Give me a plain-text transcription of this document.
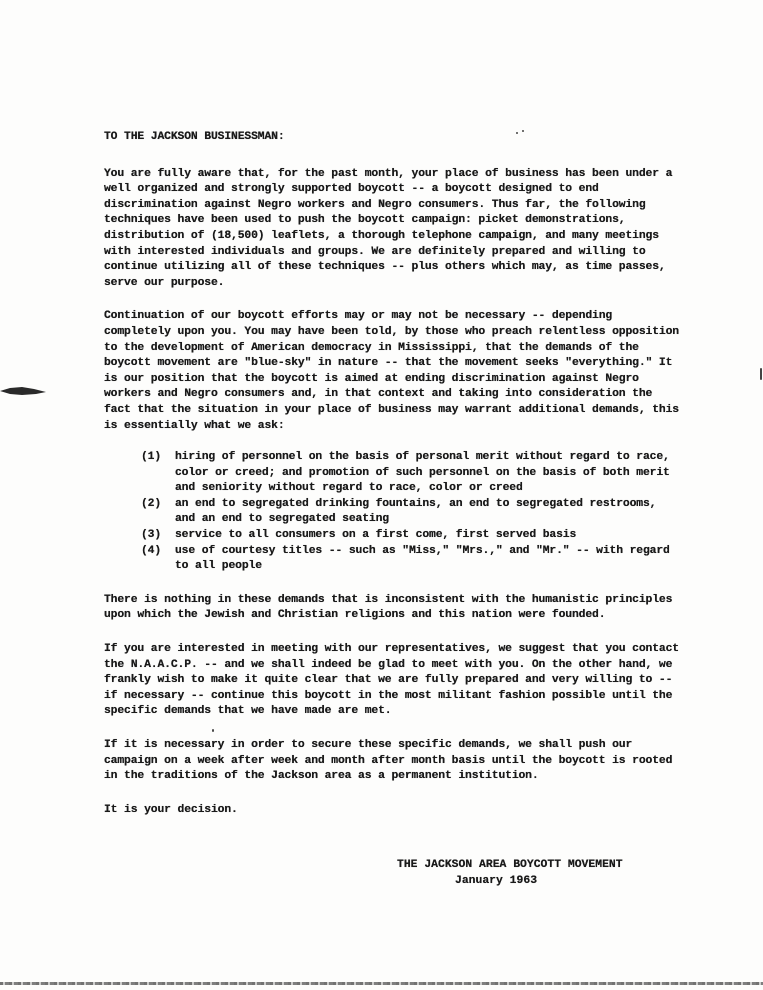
TO THE JACKSON BUSINESSMAN:
You are fully aware that, for the past month, your place of business has been under a well organized and strongly supported boycott -- a boycott designed to end discrimination against Negro workers and Negro consumers. Thus far, the following techniques have been used to push the boycott campaign: picket demonstrations, distribution of (18,500) leaflets, a thorough telephone campaign, and many meetings with interested individuals and groups. We are definitely prepared and willing to continue utilizing all of these techniques -- plus others which may, as time passes, serve our purpose.
Continuation of our boycott efforts may or may not be necessary -- depending completely upon you. You may have been told, by those who preach relentless opposition to the development of American democracy in Mississippi, that the demands of the boycott movement are "blue-sky" in nature -- that the movement seeks "everything." It is our position that the boycott is aimed at ending discrimination against Negro workers and Negro consumers and, in that context and taking into consideration the fact that the situation in your place of business may warrant additional demands, this is essentially what we ask:
(1)	hiring of personnel on the basis of personal merit without regard to race, color or creed; and promotion of such personnel on the basis of both merit and seniority without regard to race, color or creed
(2)	an end to segregated drinking fountains, an end to segregated restrooms, and an end to segregated seating
(3)	service to all consumers on a first come, first served basis
(4)	use of courtesy titles -- such as "Miss," "Mrs.," and "Mr." -- with regard to all people
There is nothing in these demands that is inconsistent with the humanistic principles upon which the Jewish and Christian religions and this nation were founded.
If you are interested in meeting with our representatives, we suggest that you contact the N.A.A.C.P. -- and we shall indeed be glad to meet with you. On the other hand, we frankly wish to make it quite clear that we are fully prepared and very willing to -- if necessary -- continue this boycott in the most militant fashion possible until the specific demands that we have made are met.
If it is necessary in order to secure these specific demands, we shall push our campaign on a week after week and month after month basis until the boycott is rooted in the traditions of the Jackson area as a permanent institution.
It is your decision.
THE JACKSON AREA BOYCOTT MOVEMENT
January 1963
